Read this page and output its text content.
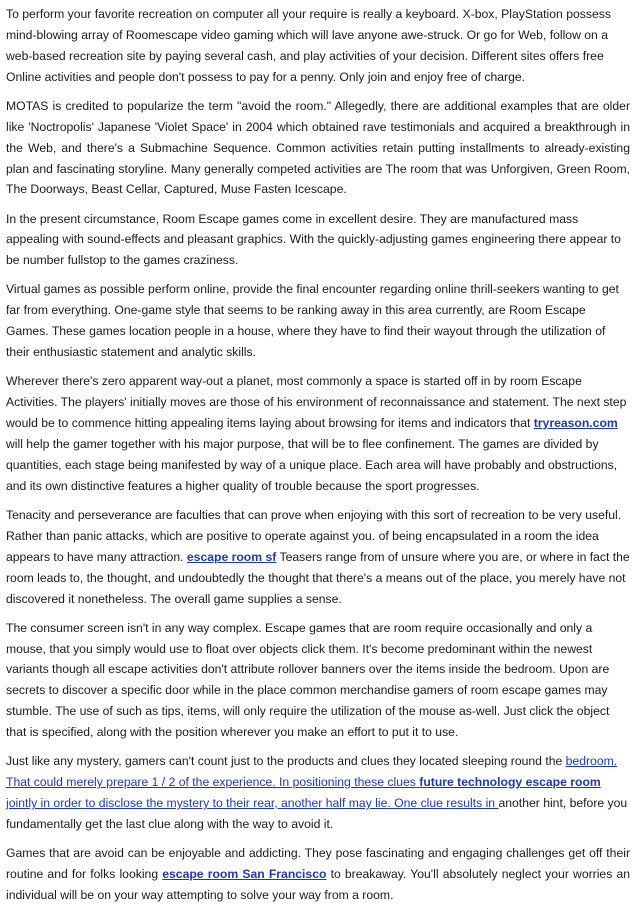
To perform your favorite recreation on computer all your require is really a keyboard. X-box, PlayStation possess mind-blowing array of Roomescape video gaming which will lave anyone awe-struck. Or go for Web, follow on a web-based recreation site by paying several cash, and play activities of your decision. Different sites offers free Online activities and people don't possess to pay for a penny. Only join and enjoy free of charge.

MOTAS is credited to popularize the term "avoid the room." Allegedly, there are additional examples that are older like 'Noctropolis' Japanese 'Violet Space' in 2004 which obtained rave testimonials and acquired a breakthrough in the Web, and there's a Submachine Sequence. Common activities retain putting installments to already-existing plan and fascinating storyline. Many generally competed activities are The room that was Unforgiven, Green Room, The Doorways, Beast Cellar, Captured, Muse Fasten Icescape.

In the present circumstance, Room Escape games come in excellent desire. They are manufactured mass appealing with sound-effects and pleasant graphics. With the quickly-adjusting games engineering there appear to be number fullstop to the games craziness.

Virtual games as possible perform online, provide the final encounter regarding online thrill-seekers wanting to get far from everything. One-game style that seems to be ranking away in this area currently, are Room Escape Games. These games location people in a house, where they have to find their wayout through the utilization of their enthusiastic statement and analytic skills.

Wherever there's zero apparent way-out a planet, most commonly a space is started off in by room Escape Activities. The players' initially moves are those of his environment of reconnaissance and statement. The next step would be to commence hitting appealing items laying about browsing for items and indicators that tryreason.com will help the gamer together with his major purpose, that will be to flee confinement. The games are divided by quantities, each stage being manifested by way of a unique place. Each area will have probably and obstructions, and its own distinctive features a higher quality of trouble because the sport progresses.

Tenacity and perseverance are faculties that can prove when enjoying with this sort of recreation to be very useful. Rather than panic attacks, which are positive to operate against you. of being encapsulated in a room the idea appears to have many attraction. escape room sf Teasers range from of unsure where you are, or where in fact the room leads to, the thought, and undoubtedly the thought that there's a means out of the place, you merely have not discovered it nonetheless. The overall game supplies a sense.

The consumer screen isn't in any way complex. Escape games that are room require occasionally and only a mouse, that you simply would use to float over objects click them. It's become predominant within the newest variants though all escape activities don't attribute rollover banners over the items inside the bedroom. Upon are secrets to discover a specific door while in the place common merchandise gamers of room escape games may stumble. The use of such as tips, items, will only require the utilization of the mouse as-well. Just click the object that is specified, along with the position wherever you make an effort to put it to use.

Just like any mystery, gamers can't count just to the products and clues they located sleeping round the bedroom. That could merely prepare 1 / 2 of the experience. In positioning these clues future technology escape room jointly in order to disclose the mystery to their rear, another half may lie. One clue results in another hint, before you fundamentally get the last clue along with the way to avoid it.

Games that are avoid can be enjoyable and addicting. They pose fascinating and engaging challenges get off their routine and for folks looking escape room San Francisco to breakaway. You'll absolutely neglect your worries an individual will be on your way attempting to solve your way from a room.
